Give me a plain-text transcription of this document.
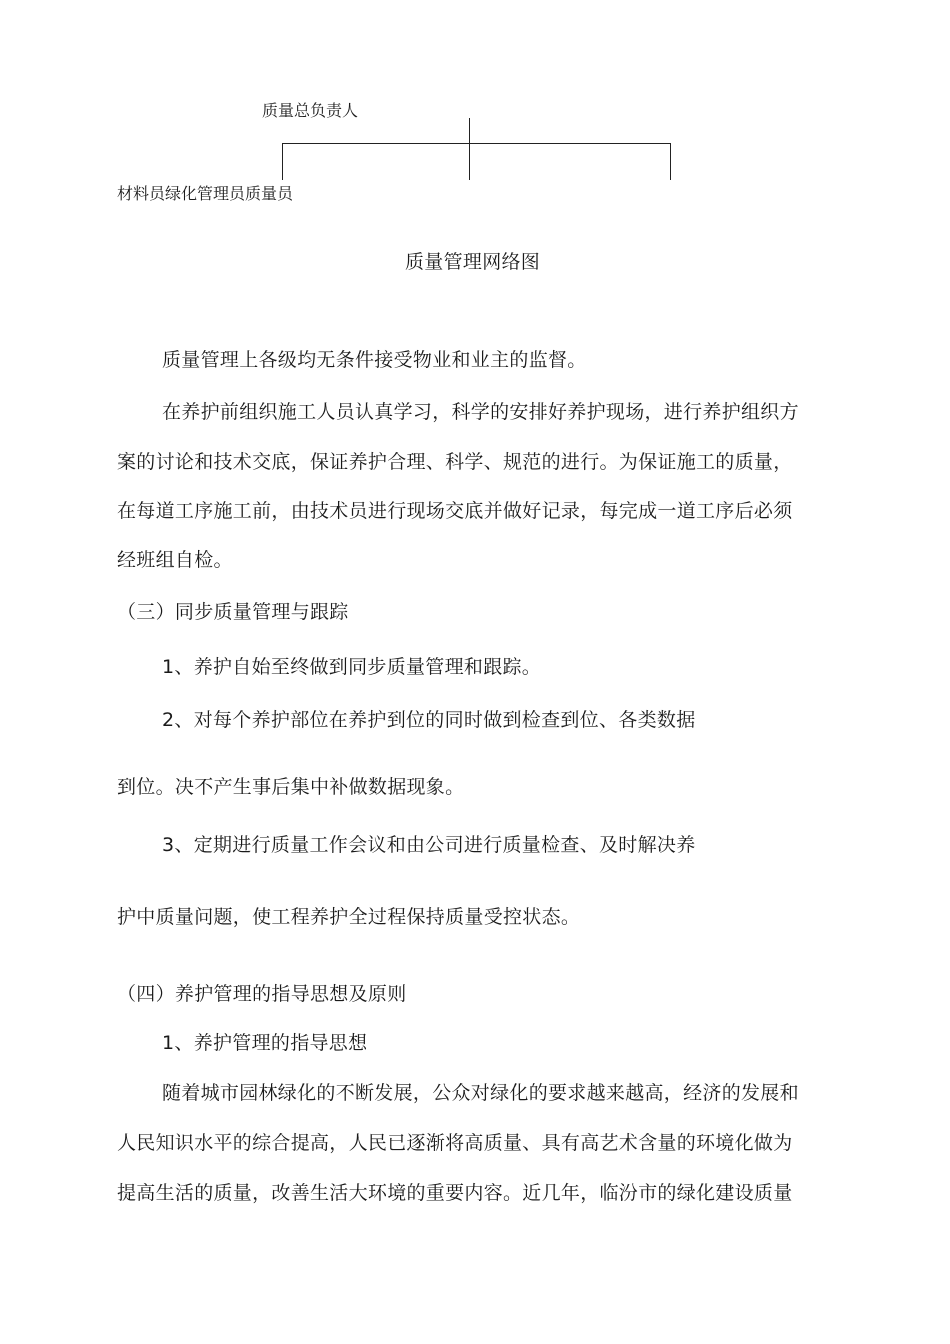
质量总负责人
材料员绿化管理员质量员
质量管理网络图
质量管理上各级均无条件接受物业和业主的监督。
在养护前组织施工人员认真学习，科学的安排好养护现场，进行养护组织方
案的讨论和技术交底，保证养护合理、科学、规范的进行。为保证施工的质量，
在每道工序施工前，由技术员进行现场交底并做好记录，每完成一道工序后必须
经班组自检。
（三）同步质量管理与跟踪
1、养护自始至终做到同步质量管理和跟踪。
2、对每个养护部位在养护到位的同时做到检查到位、各类数据
到位。决不产生事后集中补做数据现象。
3、定期进行质量工作会议和由公司进行质量检查、及时解决养
护中质量问题，使工程养护全过程保持质量受控状态。
（四）养护管理的指导思想及原则
1、养护管理的指导思想
随着城市园林绿化的不断发展，公众对绿化的要求越来越高，经济的发展和
人民知识水平的综合提高，人民已逐渐将高质量、具有高艺术含量的环境化做为
提高生活的质量，改善生活大环境的重要内容。近几年，临汾市的绿化建设质量
